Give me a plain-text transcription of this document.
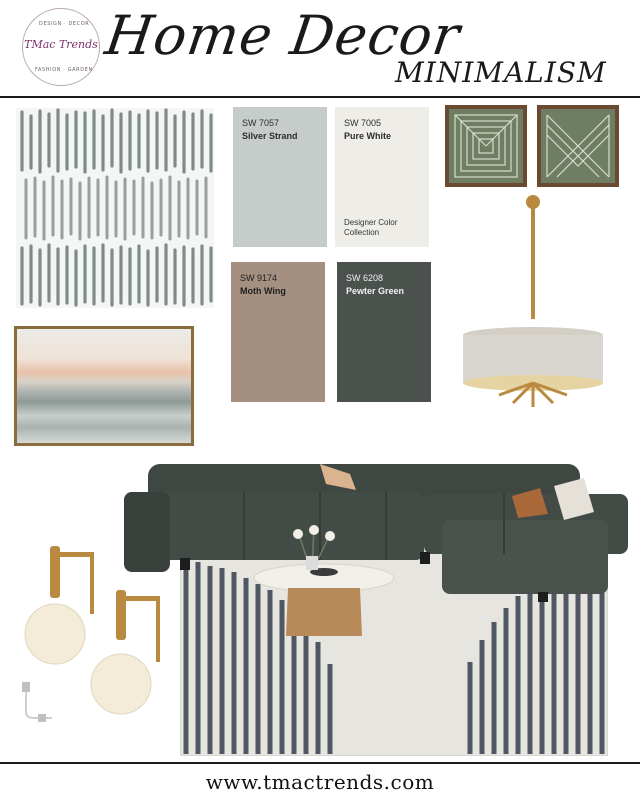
DESIGN · DECOR
TMac Trends
FASHION · GARDEN
Home Decor
MINIMALISM
SW 7057
Silver Strand
SW 7005
Pure White
Designer Color Collection
SW 9174
Moth Wing
SW 6208
Pewter Green
www.tmactrends.com
